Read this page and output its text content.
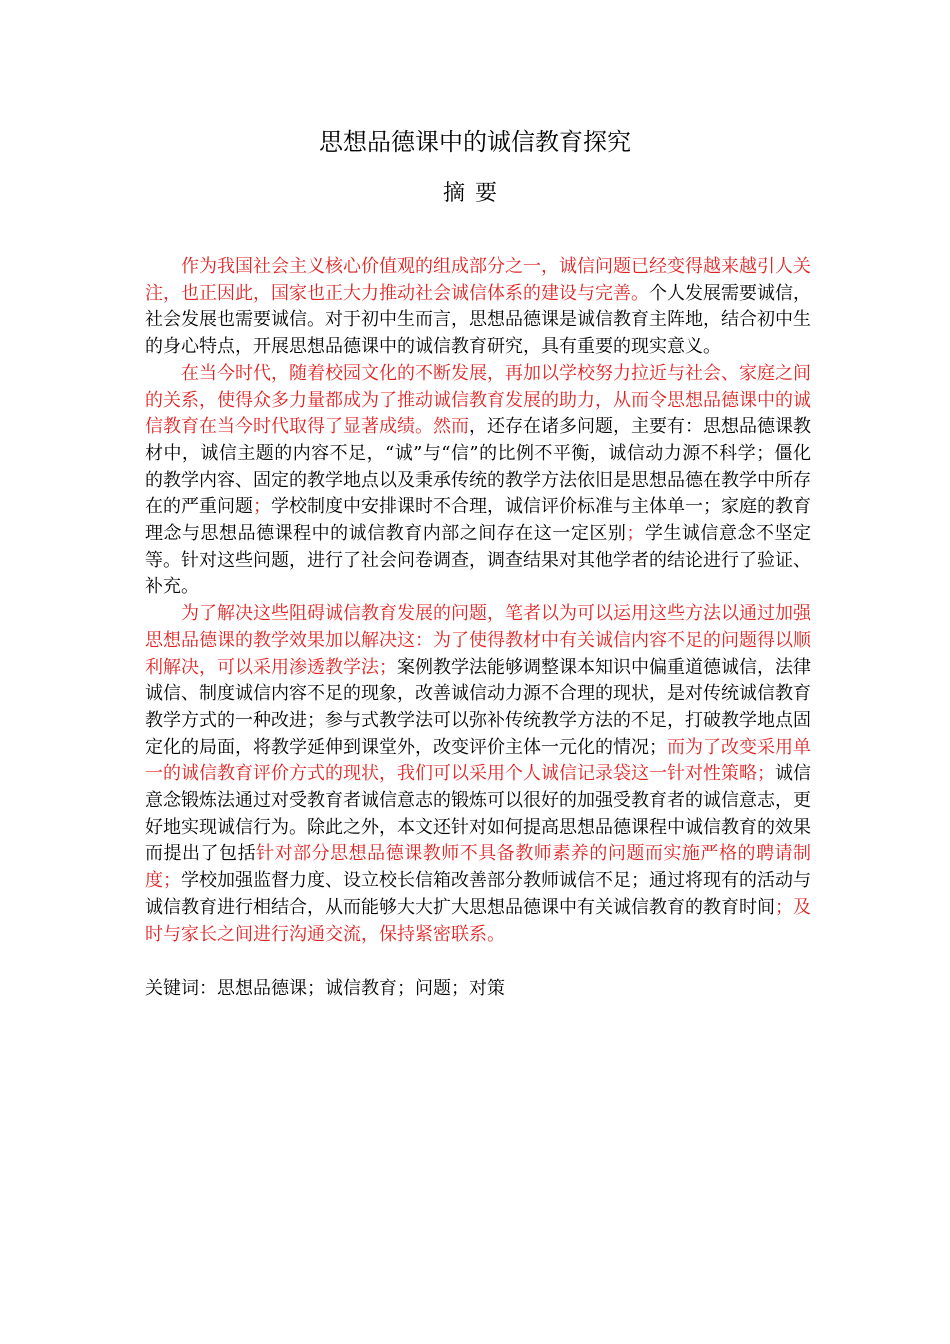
思想品德课中的诚信教育探究
摘要

作为我国社会主义核心价值观的组成部分之一，诚信问题已经变得越来越引人关注，也正因此，国家也正大力推动社会诚信体系的建设与完善。个人发展需要诚信，社会发展也需要诚信。对于初中生而言，思想品德课是诚信教育主阵地，结合初中生的身心特点，开展思想品德课中的诚信教育研究，具有重要的现实意义。

在当今时代，随着校园文化的不断发展，再加以学校努力拉近与社会、家庭之间的关系，使得众多力量都成为了推动诚信教育发展的助力，从而令思想品德课中的诚信教育在当今时代取得了显著成绩。然而，还存在诸多问题，主要有：思想品德课教材中，诚信主题的内容不足，“诚”与“信”的比例不平衡，诚信动力源不科学；僵化的教学内容、固定的教学地点以及秉承传统的教学方法依旧是思想品德在教学中所存在的严重问题；学校制度中安排课时不合理，诚信评价标准与主体单一；家庭的教育理念与思想品德课程中的诚信教育内部之间存在这一定区别；学生诚信意念不坚定等。针对这些问题，进行了社会问卷调查，调查结果对其他学者的结论进行了验证、补充。

为了解决这些阻碍诚信教育发展的问题，笔者以为可以运用这些方法以通过加强思想品德课的教学效果加以解决这：为了使得教材中有关诚信内容不足的问题得以顺利解决，可以采用渗透教学法；案例教学法能够调整课本知识中偏重道德诚信，法律诚信、制度诚信内容不足的现象，改善诚信动力源不合理的现状，是对传统诚信教育教学方式的一种改进；参与式教学法可以弥补传统教学方法的不足，打破教学地点固定化的局面，将教学延伸到课堂外，改变评价主体一元化的情况；而为了改变采用单一的诚信教育评价方式的现状，我们可以采用个人诚信记录袋这一针对性策略；诚信意念锻炼法通过对受教育者诚信意志的锻炼可以很好的加强受教育者的诚信意志，更好地实现诚信行为。除此之外，本文还针对如何提高思想品德课程中诚信教育的效果而提出了包括针对部分思想品德课教师不具备教师素养的问题而实施严格的聘请制度；学校加强监督力度、设立校长信箱改善部分教师诚信不足；通过将现有的活动与诚信教育进行相结合，从而能够大大扩大思想品德课中有关诚信教育的教育时间；及时与家长之间进行沟通交流，保持紧密联系。

关键词：思想品德课；诚信教育；问题；对策
